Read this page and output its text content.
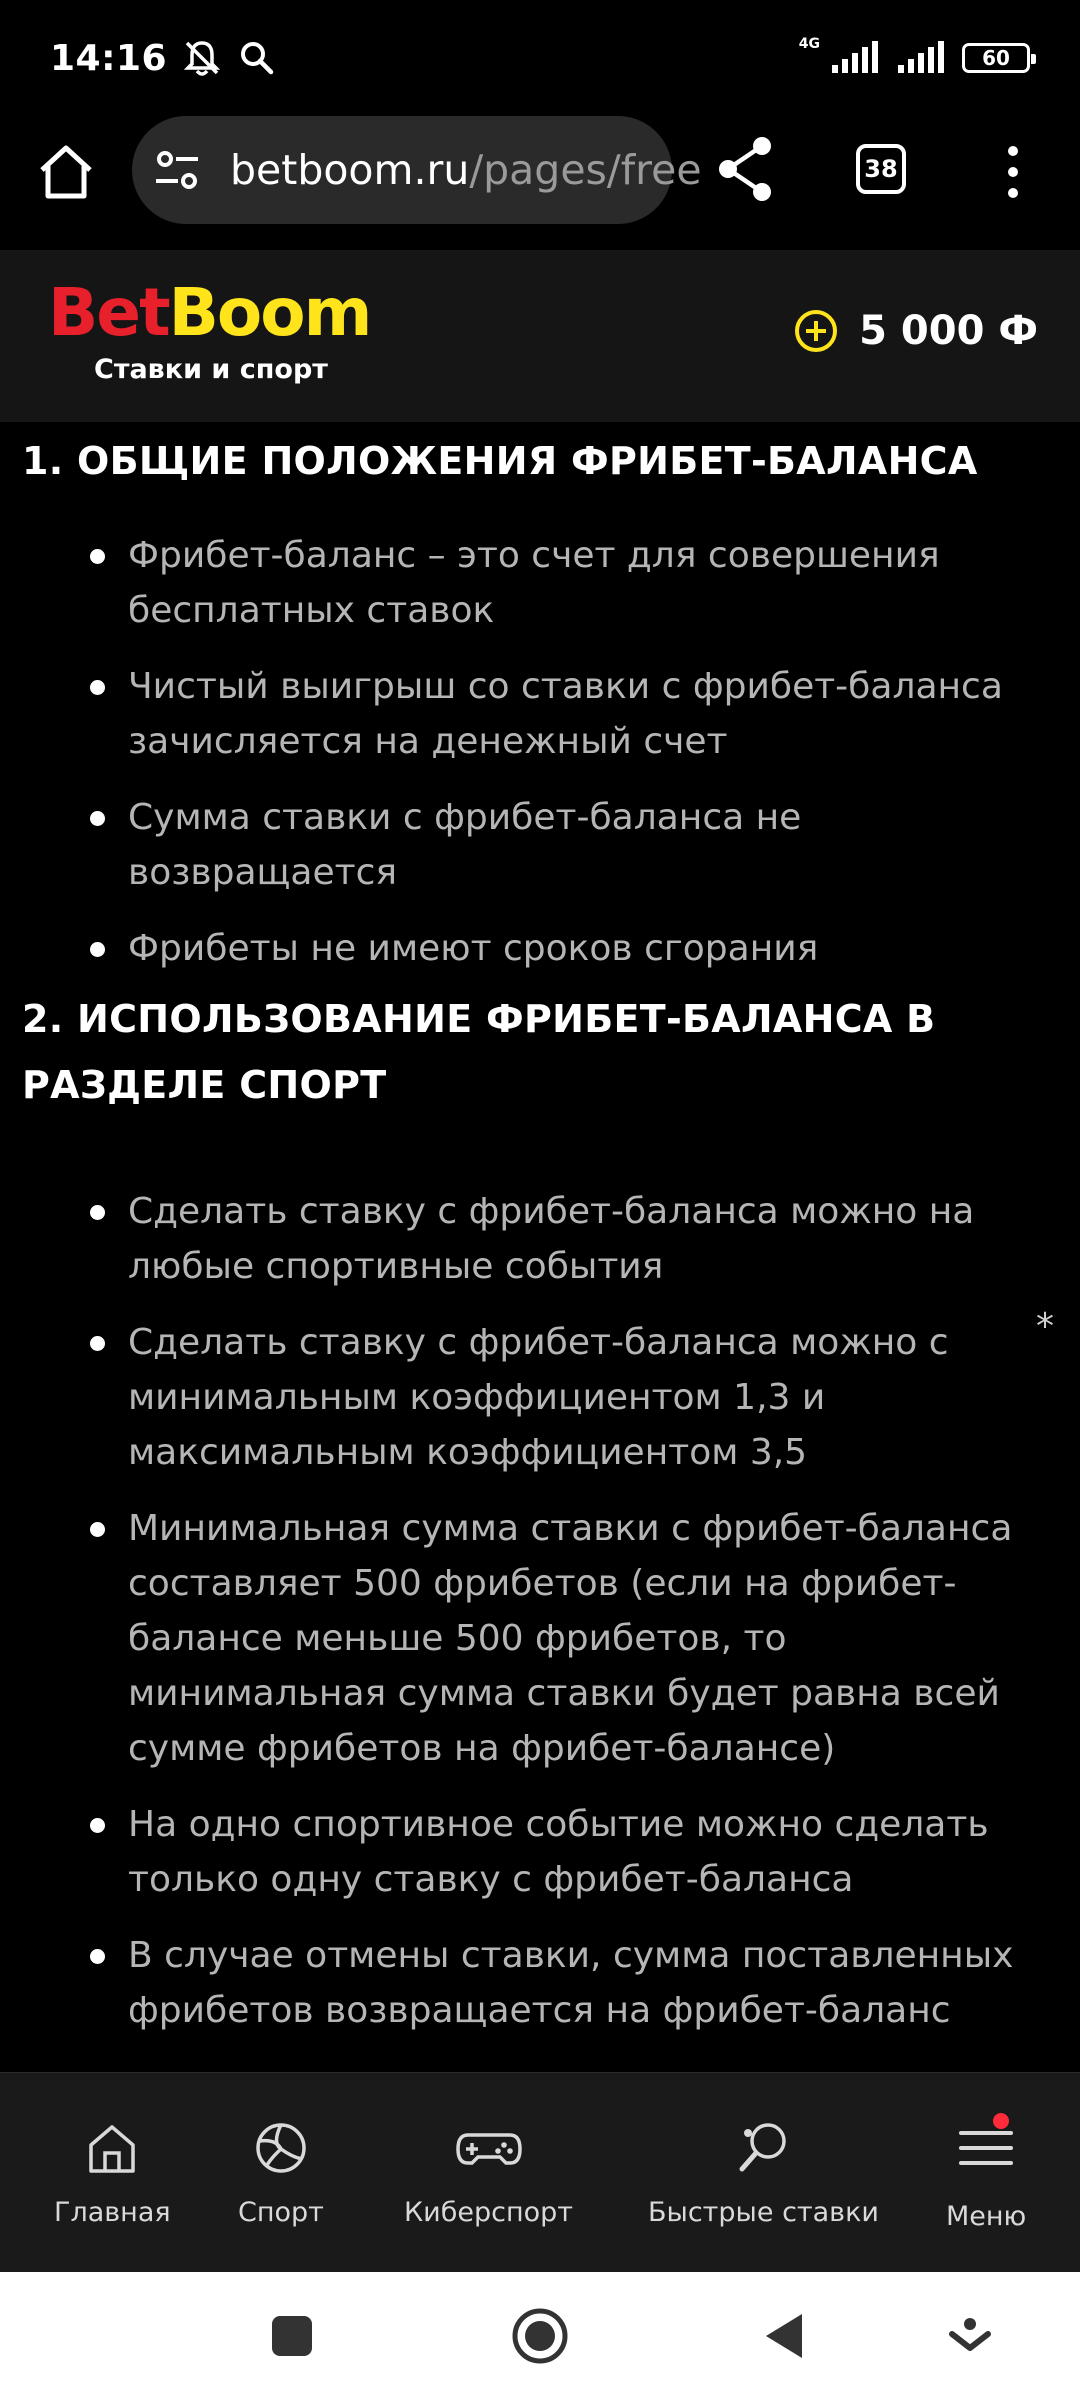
14:16	4G
60
betboom.ru/pages/free	38
BetBoom
Ставки и спорт
5 000 Ф
1. ОБЩИЕ ПОЛОЖЕНИЯ ФРИБЕТ-БАЛАНСА
Фрибет-баланс – это счет для совершения бесплатных ставок
Чистый выигрыш со ставки с фрибет-баланса зачисляется на денежный счет
Сумма ставки с фрибет-баланса не возвращается
Фрибеты не имеют сроков сгорания
2. ИСПОЛЬЗОВАНИЕ ФРИБЕТ-БАЛАНСА В РАЗДЕЛЕ СПОРТ
Сделать ставку с фрибет-баланса можно на любые спортивные события
Сделать ставку с фрибет-баланса можно с минимальным коэффициентом 1,3 и максимальным коэффициентом 3,5
Минимальная сумма ставки с фрибет-баланса составляет 500 фрибетов (если на фрибет-балансе меньше 500 фрибетов, то минимальная сумма ставки будет равна всей сумме фрибетов на фрибет-балансе)
На одно спортивное событие можно сделать только одну ставку с фрибет-баланса
В случае отмены ставки, сумма поставленных фрибетов возвращается на фрибет-баланс
*
Главная Спорт	Киберспорт	Быстрые ставки Меню
